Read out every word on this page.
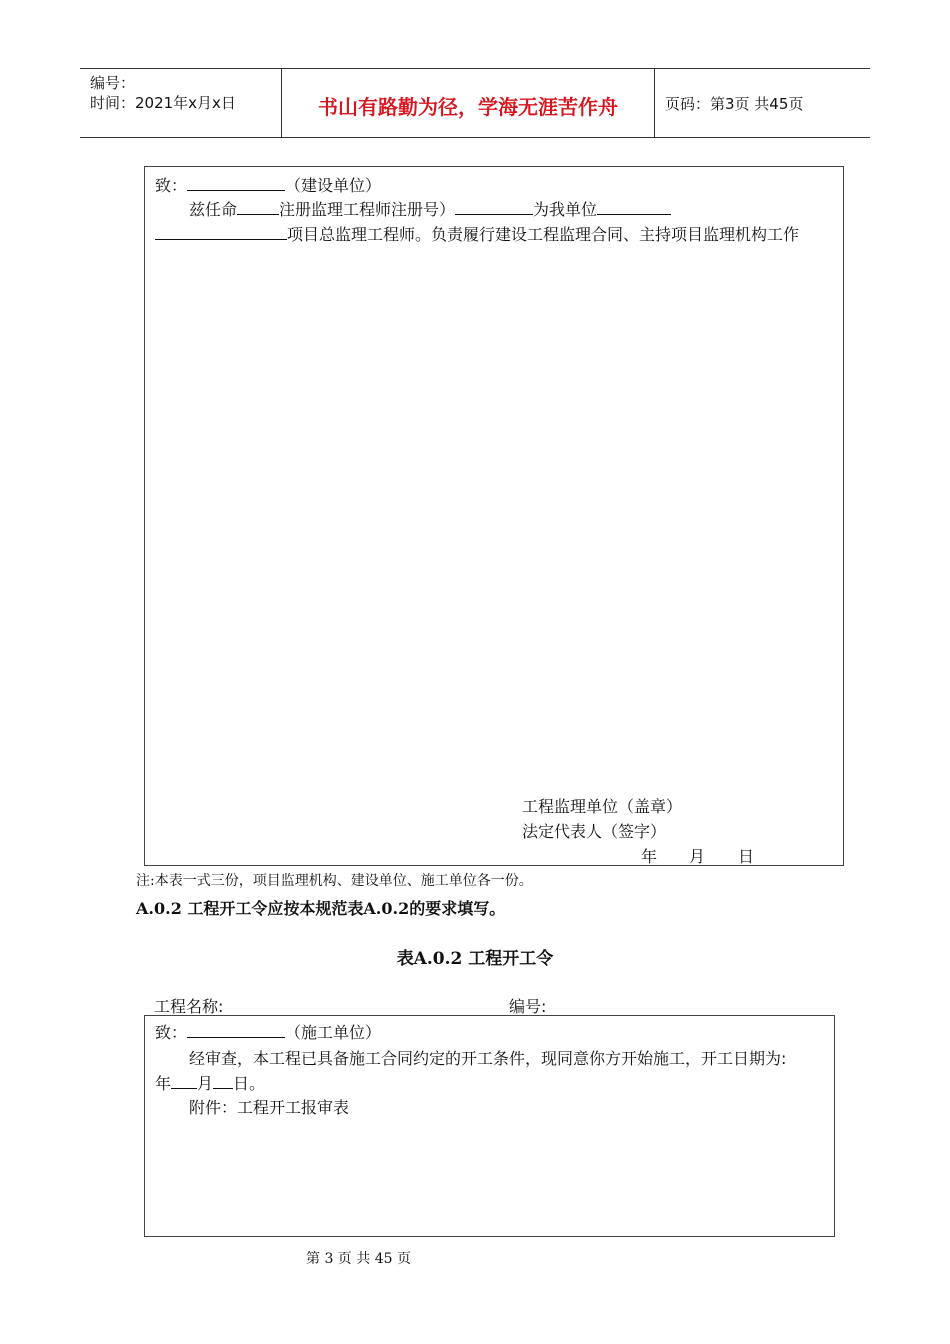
编号：
时间：2021年x月x日	书山有路勤为径，学海无涯苦作舟	页码：第3页 共45页
致：	（建设单位）
兹任命	注册监理工程师注册号）	为我单位
项目总监理工程师。负责履行建设工程监理合同、主持项目监理机构工作
工程监理单位（盖章）
法定代表人（签字）
年 月 日
注:本表一式三份，项目监理机构、建设单位、施工单位各一份。
A.0.2 工程开工令应按本规范表A.0.2的要求填写。
表A.0.2 工程开工令
工程名称:	编号:
致：	（施工单位）
经审查，本工程已具备施工合同约定的开工条件，现同意你方开始施工，开工日期为:
年 月 日。
附件：工程开工报审表
第 3 页 共 45 页
